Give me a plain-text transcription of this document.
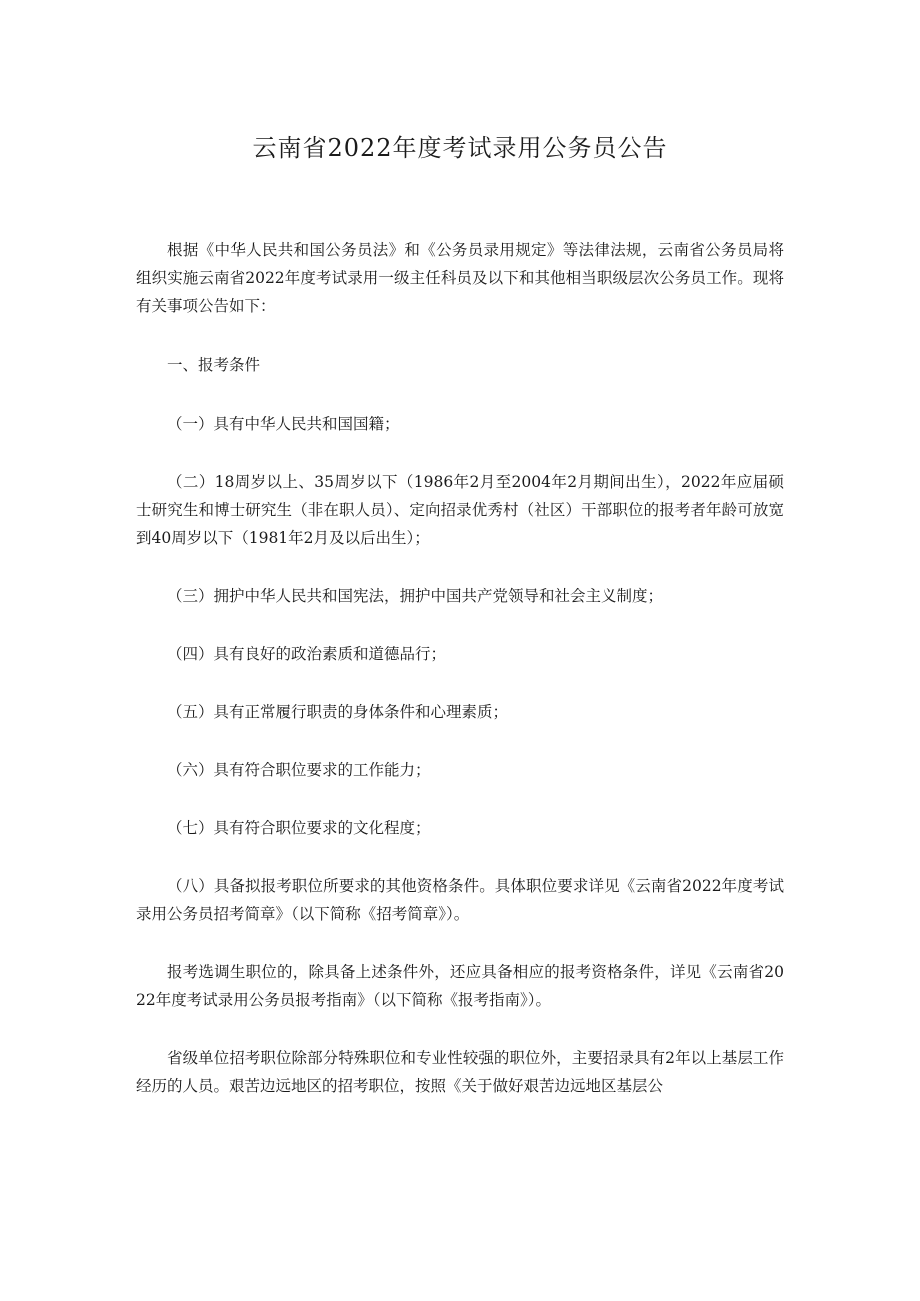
云南省2022年度考试录用公务员公告

根据《中华人民共和国公务员法》和《公务员录用规定》等法律法规，云南省公务员局将组织实施云南省2022年度考试录用一级主任科员及以下和其他相当职级层次公务员工作。现将有关事项公告如下：

一、报考条件

（一）具有中华人民共和国国籍；

（二）18周岁以上、35周岁以下（1986年2月至2004年2月期间出生），2022年应届硕士研究生和博士研究生（非在职人员）、定向招录优秀村（社区）干部职位的报考者年龄可放宽到40周岁以下（1981年2月及以后出生）；

（三）拥护中华人民共和国宪法，拥护中国共产党领导和社会主义制度；

（四）具有良好的政治素质和道德品行；

（五）具有正常履行职责的身体条件和心理素质；

（六）具有符合职位要求的工作能力；

（七）具有符合职位要求的文化程度；

（八）具备拟报考职位所要求的其他资格条件。具体职位要求详见《云南省2022年度考试录用公务员招考简章》（以下简称《招考简章》）。

报考选调生职位的，除具备上述条件外，还应具备相应的报考资格条件，详见《云南省2022年度考试录用公务员报考指南》（以下简称《报考指南》）。

省级单位招考职位除部分特殊职位和专业性较强的职位外，主要招录具有2年以上基层工作经历的人员。艰苦边远地区的招考职位，按照《关于做好艰苦边远地区基层公
